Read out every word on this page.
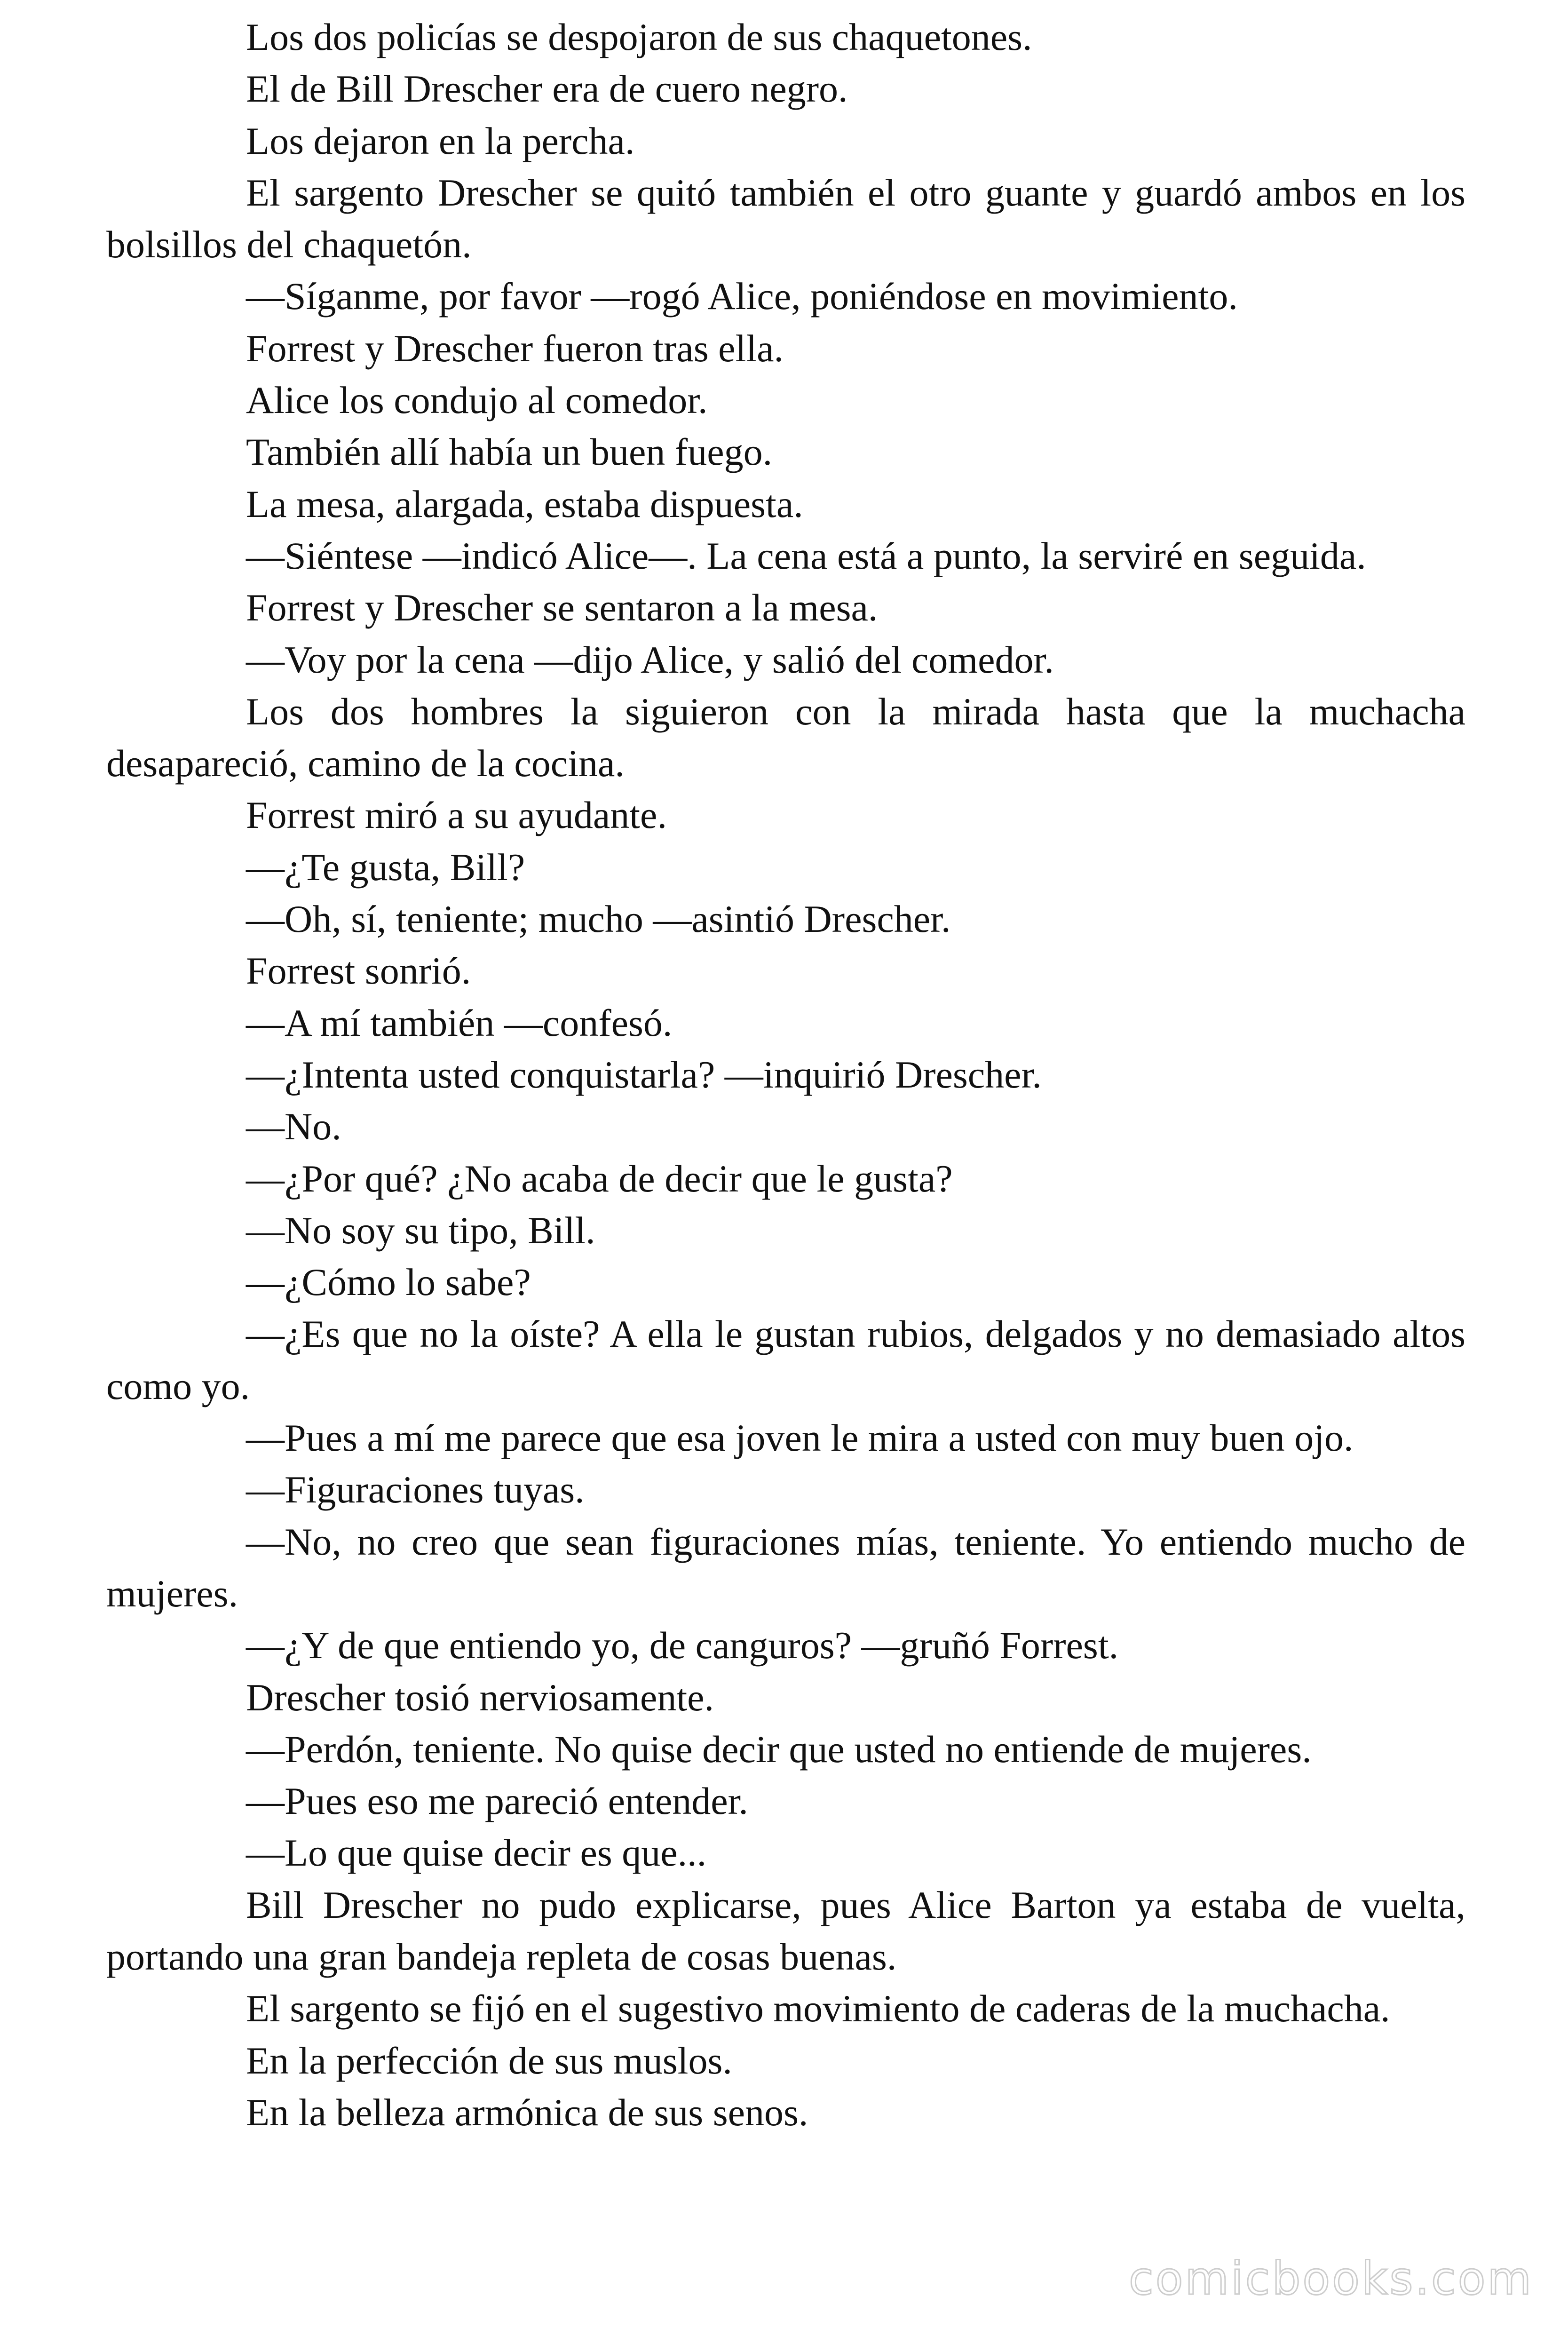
Los dos policías se despojaron de sus chaquetones.

El de Bill Drescher era de cuero negro.

Los dejaron en la percha.

El sargento Drescher se quitó también el otro guante y guardó ambos en los bolsillos del chaquetón.

—Síganme, por favor —rogó Alice, poniéndose en movimiento.

Forrest y Drescher fueron tras ella.

Alice los condujo al comedor.

También allí había un buen fuego.

La mesa, alargada, estaba dispuesta.

—Siéntese —indicó Alice—. La cena está a punto, la serviré en seguida.

Forrest y Drescher se sentaron a la mesa.

—Voy por la cena —dijo Alice, y salió del comedor.

Los dos hombres la siguieron con la mirada hasta que la muchacha desapareció, camino de la cocina.

Forrest miró a su ayudante.

—¿Te gusta, Bill?

—Oh, sí, teniente; mucho —asintió Drescher.

Forrest sonrió.

—A mí también —confesó.

—¿Intenta usted conquistarla? —inquirió Drescher.

—No.

—¿Por qué? ¿No acaba de decir que le gusta?

—No soy su tipo, Bill.

—¿Cómo lo sabe?

—¿Es que no la oíste? A ella le gustan rubios, delgados y no demasiado altos como yo.

—Pues a mí me parece que esa joven le mira a usted con muy buen ojo.

—Figuraciones tuyas.

—No, no creo que sean figuraciones mías, teniente. Yo entiendo mucho de mujeres.

—¿Y de que entiendo yo, de canguros? —gruñó Forrest.

Drescher tosió nerviosamente.

—Perdón, teniente. No quise decir que usted no entiende de mujeres.

—Pues eso me pareció entender.

—Lo que quise decir es que...

Bill Drescher no pudo explicarse, pues Alice Barton ya estaba de vuelta, portando una gran bandeja repleta de cosas buenas.

El sargento se fijó en el sugestivo movimiento de caderas de la muchacha.

En la perfección de sus muslos.

En la belleza armónica de sus senos.

comicbooks.com
